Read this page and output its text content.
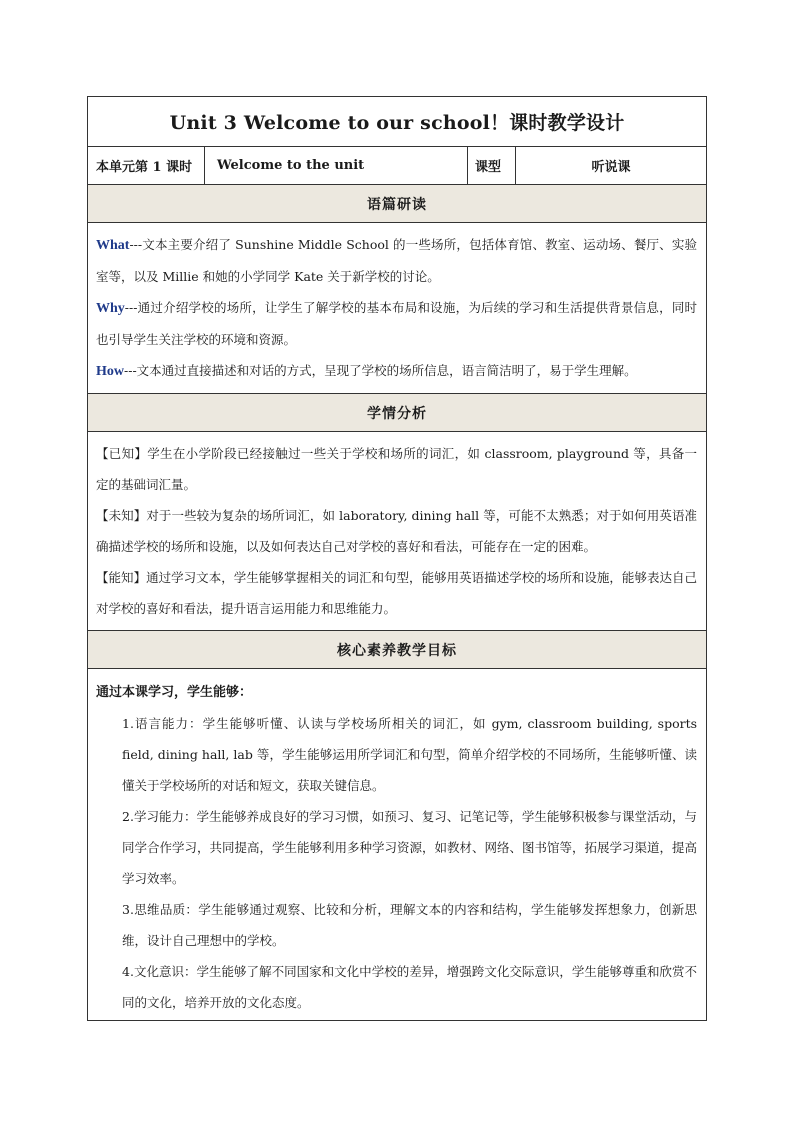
Unit 3 Welcome to our school！课时教学设计
本单元第 1 课时	Welcome to the unit	课型	听说课
语篇研读

What---文本主要介绍了 Sunshine Middle School 的一些场所，包括体育馆、教室、运动场、餐厅、实验室等，以及 Millie 和她的小学同学 Kate 关于新学校的讨论。

Why---通过介绍学校的场所，让学生了解学校的基本布局和设施，为后续的学习和生活提供背景信息，同时也引导学生关注学校的环境和资源。

How---文本通过直接描述和对话的方式，呈现了学校的场所信息，语言简洁明了，易于学生理解。

学情分析

【已知】学生在小学阶段已经接触过一些关于学校和场所的词汇，如 classroom, playground 等，具备一定的基础词汇量。

【未知】对于一些较为复杂的场所词汇，如 laboratory, dining hall 等，可能不太熟悉；对于如何用英语准确描述学校的场所和设施，以及如何表达自己对学校的喜好和看法，可能存在一定的困难。

【能知】通过学习文本，学生能够掌握相关的词汇和句型，能够用英语描述学校的场所和设施，能够表达自己对学校的喜好和看法，提升语言运用能力和思维能力。

核心素养教学目标

通过本课学习，学生能够：

1.语言能力：学生能够听懂、认读与学校场所相关的词汇，如 gym, classroom building, sports field, dining hall, lab 等，学生能够运用所学词汇和句型，简单介绍学校的不同场所，生能够听懂、读懂关于学校场所的对话和短文，获取关键信息。

2.学习能力：学生能够养成良好的学习习惯，如预习、复习、记笔记等，学生能够积极参与课堂活动，与同学合作学习，共同提高，学生能够利用多种学习资源，如教材、网络、图书馆等，拓展学习渠道，提高学习效率。

3.思维品质：学生能够通过观察、比较和分析，理解文本的内容和结构，学生能够发挥想象力，创新思维，设计自己理想中的学校。

4.文化意识：学生能够了解不同国家和文化中学校的差异，增强跨文化交际意识，学生能够尊重和欣赏不同的文化，培养开放的文化态度。
